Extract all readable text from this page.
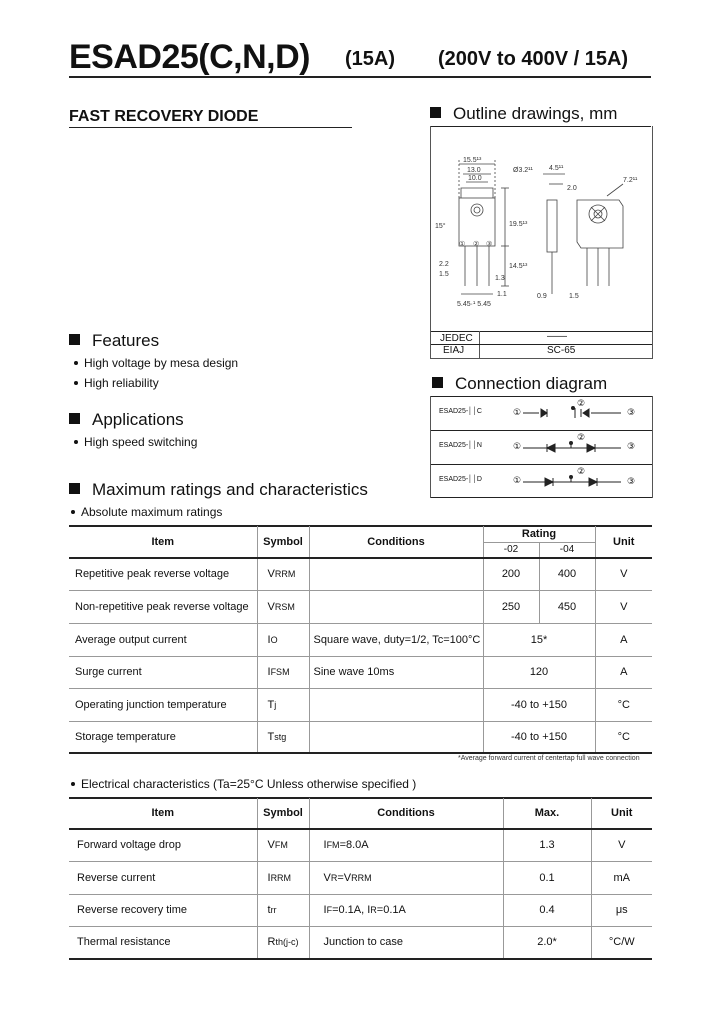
ESAD25(C,N,D) (15A) (200V to 400V / 15A)
FAST RECOVERY DIODE	Outline drawings, mm
15.5¹³
13.0
10.0
Ø3.2¹¹ 4.5¹¹
2.0
7.2¹¹
15°	19.5¹³
14.5¹³
2.2
1.5
1.3
1.1	0.9	1.5
5.45·¹ 5.45
① ② ③
JEDEC	——
EIAJ	SC-65
Connection diagram
ESAD25-││C	①
②
③
ESAD25-││N	①
②
③
ESAD25-││D	①
②
③
Features
High voltage by mesa design
High reliability
Applications
High speed switching
Maximum ratings and characteristics
Absolute maximum ratings
Item	Symbol	Conditions	Rating		Unit
			-02	-04	
Repetitive peak reverse voltage	VRRM		200	400	V
Non-repetitive peak reverse voltage	VRSM		250	450	V
Average output current	IO	Square wave, duty=1/2, Tc=100°C	15*		A
Surge current	IFSM	Sine wave 10ms	120		A
Operating junction temperature	Tj		-40 to +150		°C
Storage temperature	Tstg		-40 to +150		°C
*Average forward current of centertap full wave connection
Electrical characteristics (Ta=25°C Unless otherwise specified )
Item	Symbol	Conditions	Max.	Unit
Forward voltage drop	VFM	IFM=8.0A	1.3	V
Reverse current	IRRM	VR=VRRM	0.1	mA
Reverse recovery time	trr	IF=0.1A, IR=0.1A	0.4	μs
Thermal resistance	Rth(j-c)	Junction to case	2.0*	°C/W
